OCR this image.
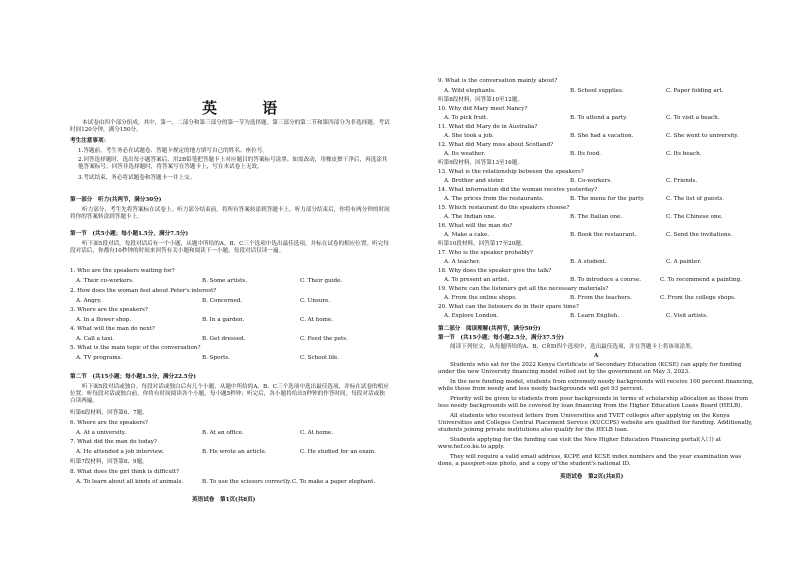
英 语
本试卷由四个部分组成。其中，第一、二部分和第三部分的第一节为选择题。第三部分的第二节和第四部分为非选择题。考试时间120分钟，满分150分。
考生注意事项：
1.答题前，考生务必在试题卷、答题卡规定的地方填写自己的姓名、座位号。
2.回答选择题时，选出每小题答案后，用2B铅笔把答题卡上对应题目的答案标号涂黑。如需改动，用橡皮擦干净后，再选涂其他答案标号。回答非选择题时，将答案写在答题卡上，写在本试卷上无效。
3.考试结束，务必将试题卷和答题卡一并上交。
第一部分　听力(共两节，满分30分)
听力部分，考生先将答案标在试卷上。听力部分结束前，将所有答案转涂到答题卡上。听力部分结束后，你将有两分钟的时间将你的答案转涂到答题卡上。
第一节　(共5小题；每小题1.5分，满分7.5分)
听下面5段对话。每段对话后有一个小题，从题中所给的A、B、C三个选项中选出最佳选项，并标在试卷的相应位置。听完每段对话后，你都有10秒钟的时间来回答有关小题和阅读下一小题。每段对话仅读一遍。
1. Who are the speakers waiting for?
A. Their co-workers.	B. Some artists.	C. Their guide.
2. How does the woman feel about Peter's interest?
A. Angry.	B. Concerned.	C. Unsure.
3. Where are the speakers?
A. In a flower shop.	B. In a garden.	C. At home.
4. What will the man do next?
A. Call a taxi.	B. Get dressed.	C. Feed the pets.
5. What is the main topic of the conversation?
A. TV programs.	B. Sports.	C. School life.
第二节　(共15小题；每小题1.5分，满分22.5分)
听下面5段对话或独白。每段对话或独白后有几个小题，从题中所给的A、B、C三个选项中选出最佳选项，并标在试卷的相应位置。听每段对话或独白前，你将有时间阅读各个小题，每小题5秒钟；听完后，各小题将给出5秒钟的作答时间。每段对话或独白读两遍。
听第6段材料，回答第6、7题。
6. Where are the speakers?
A. At a university.	B. At an office.	C. At home.
7. What did the man do today?
A. He attended a job interview.	B. He wrote an article.	C. He studied for an exam.
听第7段材料，回答第8、9题。
8. What does the girl think is difficult?
A. To learn about all kinds of animals.	B. To use the scissors correctly. C. To make a paper elephant.
英语试卷　第1页(共8页)
9. What is the conversation mainly about?
A. Wild elephants.	B. School supplies.	C. Paper folding art.
听第8段材料，回答第10至12题。
10. Why did Mary meet Nancy?
A. To pick fruit.	B. To attend a party.	C. To visit a beach.
11. What did Mary do in Australia?
A. She took a job.	B. She had a vacation.	C. She went to university.
12. What did Mary miss about Scotland?
A. Its weather.	B. Its food.	C. Its beach.
听第9段材料，回答第13至16题。
13. What is the relationship between the speakers?
A. Brother and sister.	B. Co-workers.	C. Friends.
14. What information did the woman receive yesterday?
A. The prices from the restaurants.	B. The menu for the party.	C. The list of guests.
15. Which restaurant do the speakers choose?
A. The Indian one.	B. The Italian one.	C. The Chinese one.
16. What will the man do?
A. Make a cake.	B. Book the restaurant.	C. Send the invitations.
听第10段材料，回答第17至20题。
17. Who is the speaker probably?
A. A teacher.	B. A student.	C. A painter.
18. Why does the speaker give the talk?
A. To present an artist.	B. To introduce a course.	C. To recommend a painting.
19. Where can the listeners get all the necessary materials?
A. From the online shops.	B. From the teachers.	C. From the college shops.
20. What can the listeners do in their spare time?
A. Explore London.	B. Learn English.	C. Visit artists.
第二部分　阅读理解(共两节，满分50分)
第一节　(共15小题；每小题2.5分，满分37.5分)
阅读下列短文，从每题所给的A、B、C和D四个选项中，选出最佳选项，并在答题卡上将该项涂黑。
A
Students who sat for the 2022 Kenya Certificate of Secondary Education (KCSE) can apply for funding under the new University financing model rolled out by the government on May 3, 2023.
In the new funding model, students from extremely needy backgrounds will receive 100 percent financing, while those from needy and less needy backgrounds will get 93 percent.
Priority will be given to students from poor backgrounds in terms of scholarship allocation as those from less needy backgrounds will be covered by loan financing from the Higher Education Loans Board (HELB).
All students who received letters from Universities and TVET colleges after applying on the Kenya Universities and Colleges Central Placement Service (KUCCPS) website are qualified for funding. Additionally, students joining private institutions also qualify for the HELB loan.
Students applying for the funding can visit the New Higher Education Financing portal(入口) at www.hef.co.ke.to apply.
They will require a valid email address, KCPE and KCSE index numbers and the year examination was done, a passport-size photo, and a copy of the student's national ID.
英语试卷　第2页(共8页)
